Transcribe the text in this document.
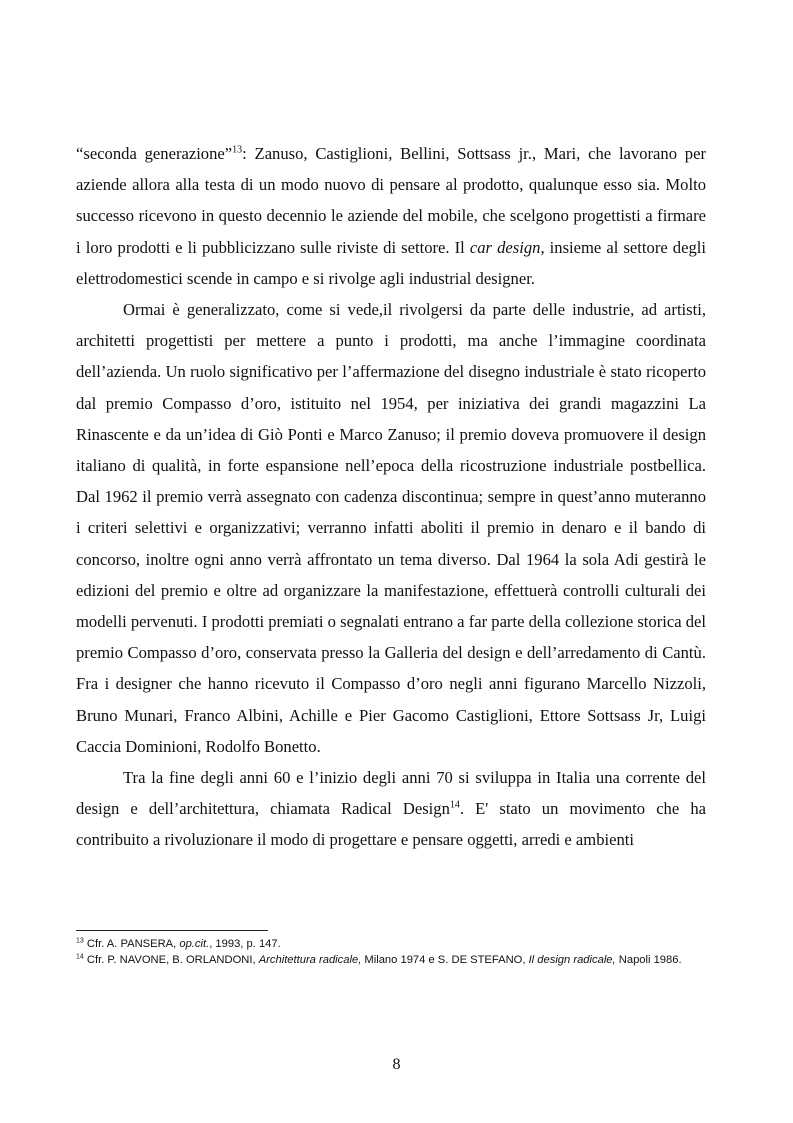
“seconda generazione”$^{13}$: Zanuso, Castiglioni, Bellini, Sottsass jr., Mari, che lavorano per aziende allora alla testa di un modo nuovo di pensare al prodotto, qualunque esso sia. Molto successo ricevono in questo decennio le aziende del mobile, che scelgono progettisti a firmare i loro prodotti e li pubblicizzano sulle riviste di settore. Il car design, insieme al settore degli elettrodomestici scende in campo e si rivolge agli industrial designer.

Ormai è generalizzato, come si vede,il rivolgersi da parte delle industrie, ad artisti, architetti progettisti per mettere a punto i prodotti, ma anche l’immagine coordinata dell’azienda. Un ruolo significativo per l’affermazione del disegno industriale è stato ricoperto dal premio Compasso d’oro, istituito nel 1954, per iniziativa dei grandi magazzini La Rinascente e da un’idea di Giò Ponti e Marco Zanuso; il premio doveva promuovere il design italiano di qualità, in forte espansione nell’epoca della ricostruzione industriale postbellica. Dal 1962 il premio verrà assegnato con cadenza discontinua; sempre in quest’anno muteranno i criteri selettivi e organizzativi; verranno infatti aboliti il premio in denaro e il bando di concorso, inoltre ogni anno verrà affrontato un tema diverso. Dal 1964 la sola Adi gestirà le edizioni del premio e oltre ad organizzare la manifestazione, effettuerà controlli culturali dei modelli pervenuti. I prodotti premiati o segnalati entrano a far parte della collezione storica del premio Compasso d’oro, conservata presso la Galleria del design e dell’arredamento di Cantù. Fra i designer che hanno ricevuto il Compasso d’oro negli anni figurano Marcello Nizzoli, Bruno Munari, Franco Albini, Achille e Pier Gacomo Castiglioni, Ettore Sottsass Jr, Luigi Caccia Dominioni, Rodolfo Bonetto.

Tra la fine degli anni 60 e l’inizio degli anni 70 si sviluppa in Italia una corrente del design e dell’architettura, chiamata Radical Design$^{14}$. E' stato un movimento che ha contribuito a rivoluzionare il modo di progettare e pensare oggetti, arredi e ambienti

$^{13}$ Cfr. A. PANSERA, op.cit., 1993, p. 147.

$^{14}$ Cfr. P. NAVONE, B. ORLANDONI, Architettura radicale, Milano 1974 e S. DE STEFANO, Il design radicale, Napoli 1986.

8
